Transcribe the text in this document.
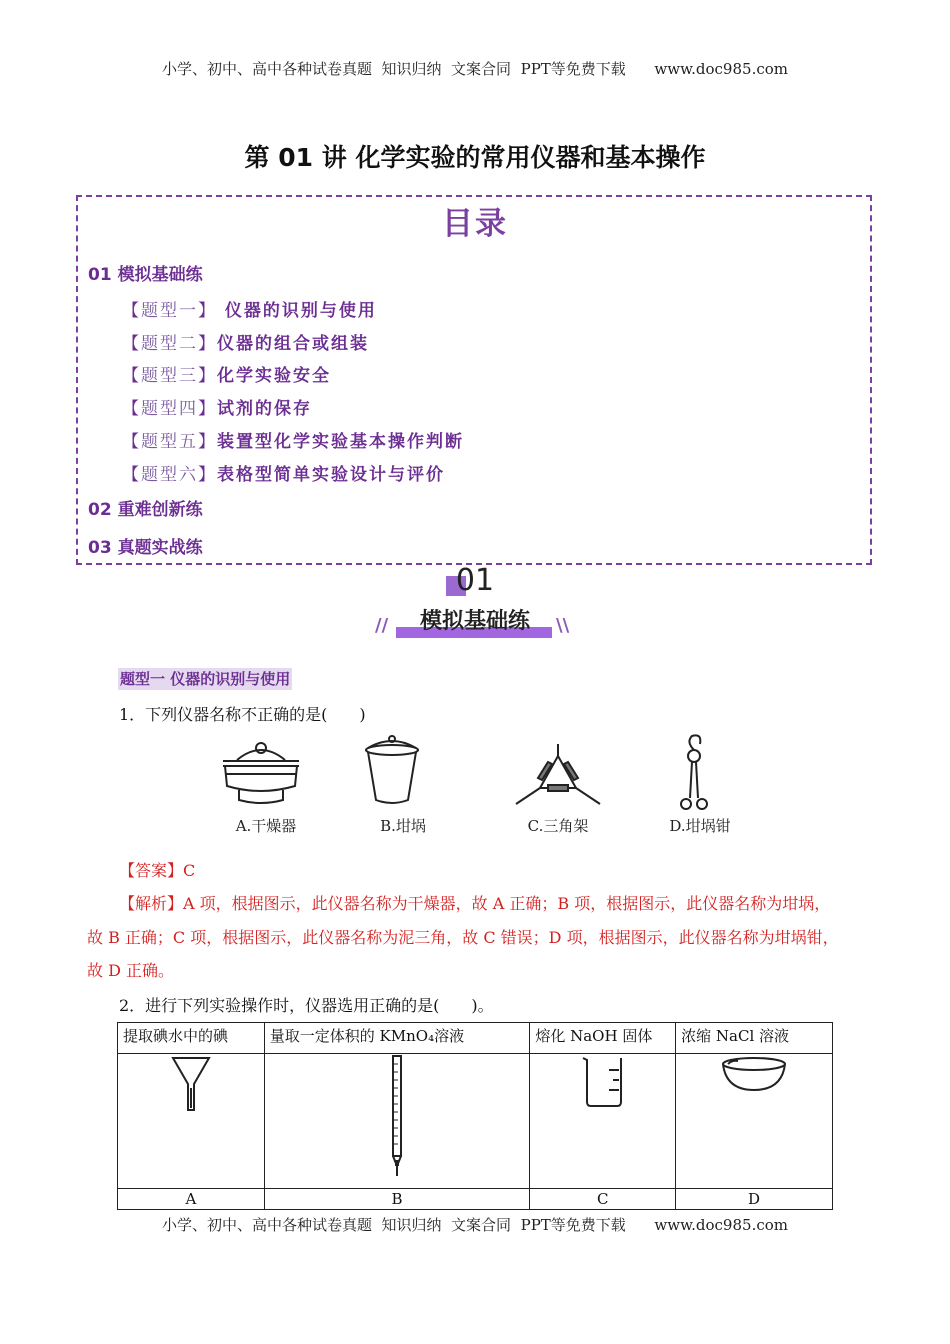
小学、初中、高中各种试卷真题  知识归纳  文案合同  PPT等免费下载      www.doc985.com
第 01 讲 化学实验的常用仪器和基本操作
目录
01 模拟基础练
【题型一】 仪器的识别与使用
【题型二】仪器的组合或组装
【题型三】化学实验安全
【题型四】试剂的保存
【题型五】装置型化学实验基本操作判断
【题型六】表格型简单实验设计与评价
02 重难创新练
03 真题实战练
01
模拟基础练
//	\\
题型一 仪器的识别与使用
1．下列仪器名称不正确的是(　　)
A.干燥器	B.坩埚	C.三角架	D.坩埚钳
【答案】C
【解析】A 项，根据图示，此仪器名称为干燥器，故 A 正确；B 项，根据图示，此仪器名称为坩埚，
故 B 正确；C 项，根据图示，此仪器名称为泥三角，故 C 错误；D 项，根据图示，此仪器名称为坩埚钳，
故 D 正确。
2．进行下列实验操作时，仪器选用正确的是(　　)。
提取碘水中的碘	量取一定体积的 KMnO₄溶液	熔化 NaOH 固体	浓缩 NaCl 溶液

A	B	C	D
小学、初中、高中各种试卷真题  知识归纳  文案合同  PPT等免费下载      www.doc985.com
